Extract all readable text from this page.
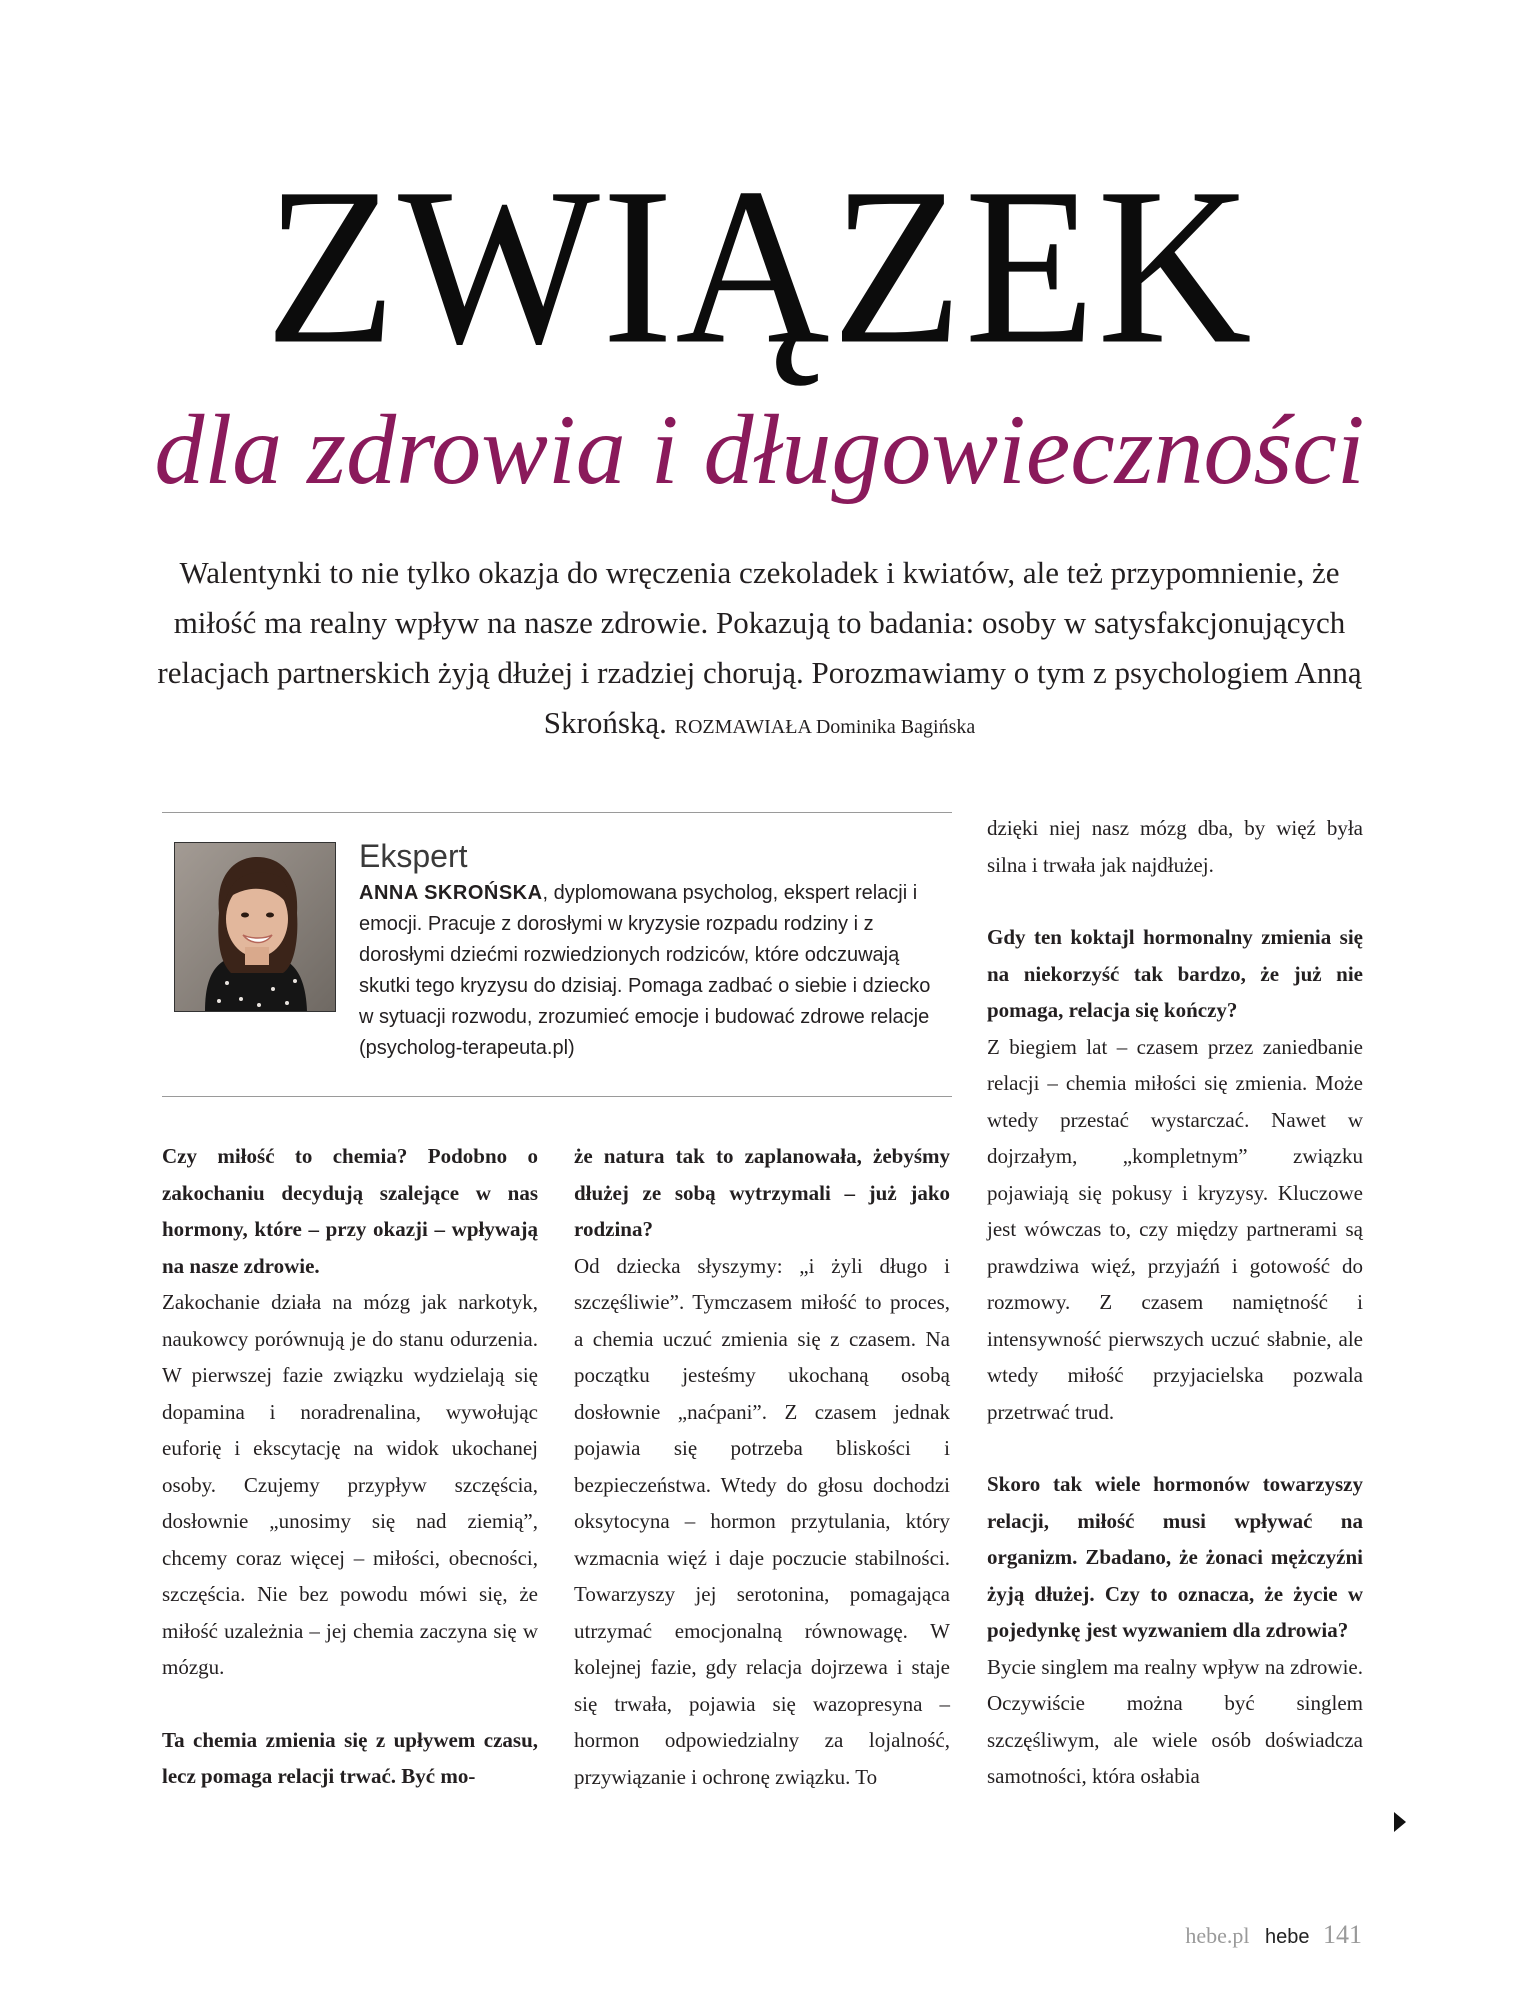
ZWIĄZEK
dla zdrowia i długowieczności

Walentynki to nie tylko okazja do wręczenia czekoladek i kwiatów, ale też przypomnienie, że miłość ma realny wpływ na nasze zdrowie. Pokazują to badania: osoby w satysfakcjonujących relacjach partnerskich żyją dłużej i rzadziej chorują. Porozmawiamy o tym z psychologiem Anną Skrońską. ROZMAWIAŁA Dominika Bagińska

Ekspert

ANNA SKROŃSKA, dyplomowana psycholog, ekspert relacji i emocji. Pracuje z dorosłymi w kryzysie rozpadu rodziny i z dorosłymi dziećmi rozwiedzionych rodziców, które odczuwają skutki tego kryzysu do dzisiaj. Pomaga zadbać o siebie i dziecko w sytuacji rozwodu, zrozumieć emocje i budować zdrowe relacje (psycholog-terapeuta.pl)

Czy miłość to chemia? Podobno o zakochaniu decydują szalejące w nas hormony, które – przy okazji – wpływają na nasze zdrowie.

Zakochanie działa na mózg jak narkotyk, naukowcy porównują je do stanu odurzenia. W pierwszej fazie związku wydzielają się dopamina i noradrenalina, wywołując euforię i ekscytację na widok ukochanej osoby. Czujemy przypływ szczęścia, dosłownie „unosimy się nad ziemią”, chcemy coraz więcej – miłości, obecności, szczęścia. Nie bez powodu mówi się, że miłość uzależnia – jej chemia zaczyna się w mózgu.

Ta chemia zmienia się z upływem czasu, lecz pomaga relacji trwać. Być mo-

że natura tak to zaplanowała, żebyśmy dłużej ze sobą wytrzymali – już jako rodzina?

Od dziecka słyszymy: „i żyli długo i szczęśliwie”. Tymczasem miłość to proces, a chemia uczuć zmienia się z czasem. Na początku jesteśmy ukochaną osobą dosłownie „naćpani”. Z czasem jednak pojawia się potrzeba bliskości i bezpieczeństwa. Wtedy do głosu dochodzi oksytocyna – hormon przytulania, który wzmacnia więź i daje poczucie stabilności. Towarzyszy jej serotonina, pomagająca utrzymać emocjonalną równowagę. W kolejnej fazie, gdy relacja dojrzewa i staje się trwała, pojawia się wazopresyna – hormon odpowiedzialny za lojalność, przywiązanie i ochronę związku. To

dzięki niej nasz mózg dba, by więź była silna i trwała jak najdłużej.

Gdy ten koktajl hormonalny zmienia się na niekorzyść tak bardzo, że już nie pomaga, relacja się kończy?

Z biegiem lat – czasem przez zaniedbanie relacji – chemia miłości się zmienia. Może wtedy przestać wystarczać. Nawet w dojrzałym, „kompletnym” związku pojawiają się pokusy i kryzysy. Kluczowe jest wówczas to, czy między partnerami są prawdziwa więź, przyjaźń i gotowość do rozmowy. Z czasem namiętność i intensywność pierwszych uczuć słabnie, ale wtedy miłość przyjacielska pozwala przetrwać trud.

Skoro tak wiele hormonów towarzyszy relacji, miłość musi wpływać na organizm. Zbadano, że żonaci mężczyźni żyją dłużej. Czy to oznacza, że życie w pojedynkę jest wyzwaniem dla zdrowia?

Bycie singlem ma realny wpływ na zdrowie. Oczywiście można być singlem szczęśliwym, ale wiele osób doświadcza samotności, która osłabia

hebe.pl hebe 141
